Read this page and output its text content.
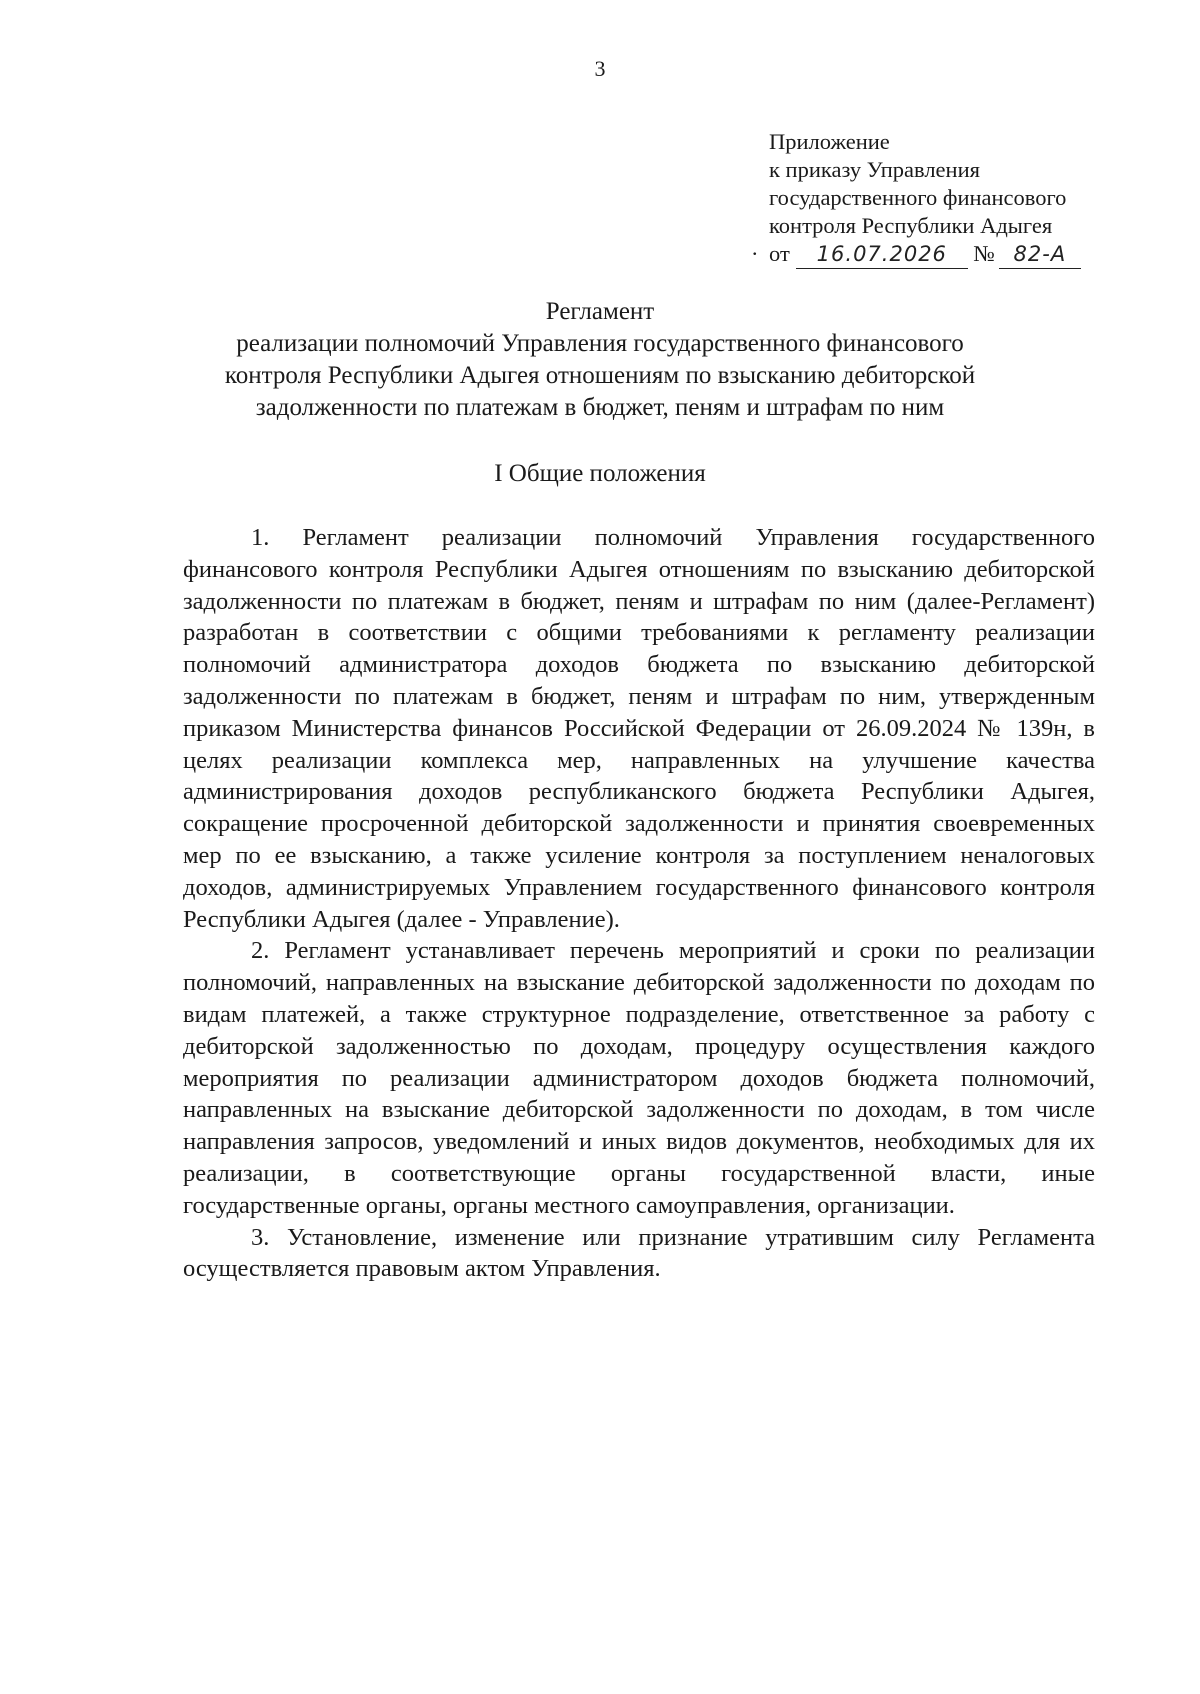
3
Приложение
к приказу Управления
государственного финансового
контроля Республики Адыгея
· от 16.07.2026 № 82-А
Регламент
реализации полномочий Управления государственного финансового
контроля Республики Адыгея отношениям по взысканию дебиторской
задолженности по платежам в бюджет, пеням и штрафам по ним
I Общие положения

1. Регламент реализации полномочий Управления государственного финансового контроля Республики Адыгея отношениям по взысканию дебиторской задолженности по платежам в бюджет, пеням и штрафам по ним (далее-Регламент) разработан в соответствии с общими требованиями к регламенту реализации полномочий администратора доходов бюджета по взысканию дебиторской задолженности по платежам в бюджет, пеням и штрафам по ним, утвержденным приказом Министерства финансов Российской Федерации от 26.09.2024 № 139н, в целях реализации комплекса мер, направленных на улучшение качества администрирования доходов республиканского бюджета Республики Адыгея, сокращение просроченной дебиторской задолженности и принятия своевременных мер по ее взысканию, а также усиление контроля за поступлением неналоговых доходов, администрируемых Управлением государственного финансового контроля Республики Адыгея (далее - Управление).

2. Регламент устанавливает перечень мероприятий и сроки по реализации полномочий, направленных на взыскание дебиторской задолженности по доходам по видам платежей, а также структурное подразделение, ответственное за работу с дебиторской задолженностью по доходам, процедуру осуществления каждого мероприятия по реализации администратором доходов бюджета полномочий, направленных на взыскание дебиторской задолженности по доходам, в том числе направления запросов, уведомлений и иных видов документов, необходимых для их реализации, в соответствующие органы государственной власти, иные государственные органы, органы местного самоуправления, организации.

3. Установление, изменение или признание утратившим силу Регламента осуществляется правовым актом Управления.
